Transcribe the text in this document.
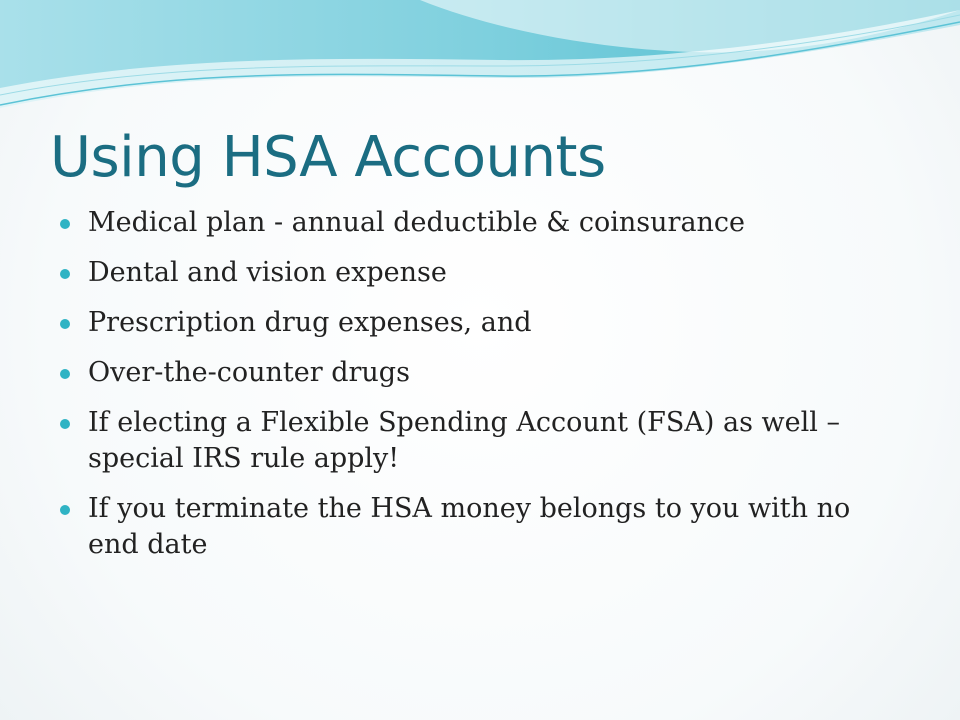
Using HSA Accounts
Medical plan - annual deductible & coinsurance
Dental and vision expense
Prescription drug expenses, and
Over-the-counter drugs
If electing a Flexible Spending Account (FSA) as well – special IRS rule apply!
If you terminate the HSA money belongs to you with no end date
